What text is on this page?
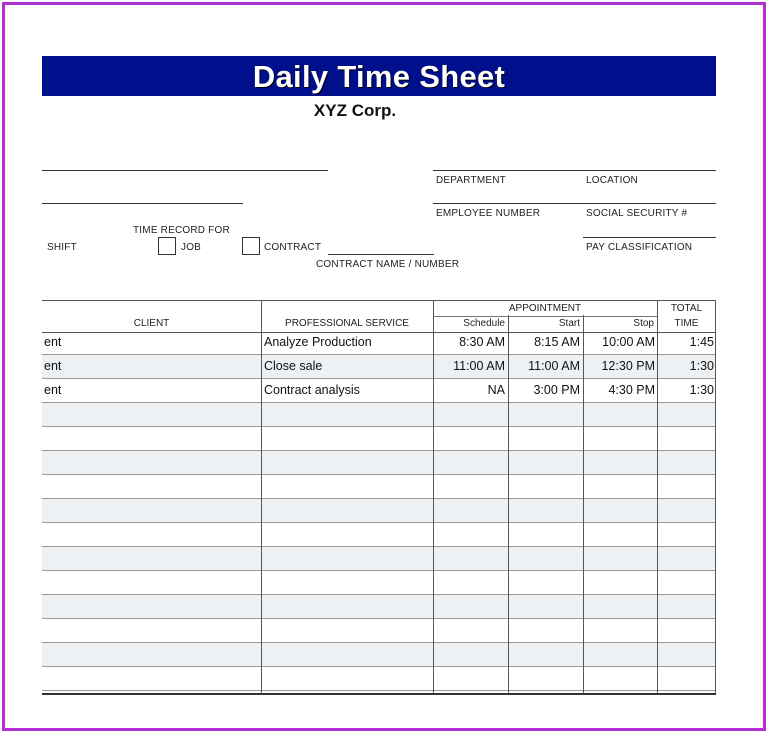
Daily Time Sheet
XYZ Corp.
DEPARTMENT	LOCATION
EMPLOYEE NUMBER	SOCIAL SECURITY #
PAY CLASSIFICATION
TIME RECORD FOR
SHIFT	JOB	CONTRACT
CONTRACT NAME / NUMBER
CLIENT	PROFESSIONAL SERVICE
APPOINTMENT
Schedule	Start	Stop
TOTAL
TIME
ent	Analyze Production	8:30 AM	8:15 AM	10:00 AM	1:45
ent	Close sale	11:00 AM	11:00 AM	12:30 PM	1:30
ent	Contract analysis	NA	3:00 PM	4:30 PM	1:30
